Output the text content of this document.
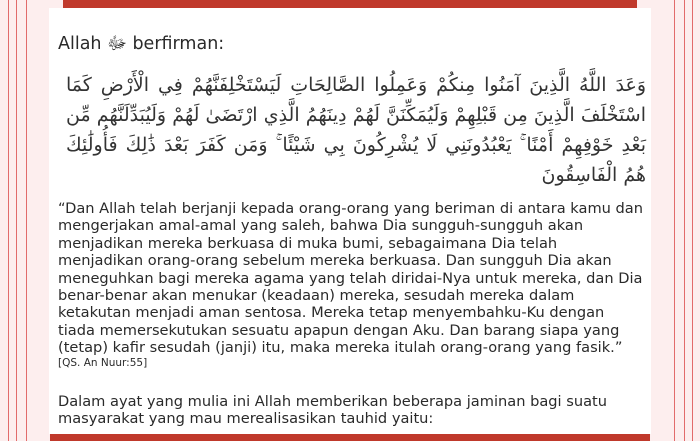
Allah ﷻ berfirman:
وَعَدَ اللَّهُ الَّذِينَ آمَنُوا مِنكُمْ وَعَمِلُوا الصَّالِحَاتِ لَيَسْتَخْلِفَنَّهُمْ فِي الْأَرْضِ كَمَا اسْتَخْلَفَ الَّذِينَ مِن قَبْلِهِمْ وَلَيُمَكِّنَنَّ لَهُمْ دِينَهُمُ الَّذِي ارْتَضَىٰ لَهُمْ وَلَيُبَدِّلَنَّهُم مِّن بَعْدِ خَوْفِهِمْ أَمْنًا ۚ يَعْبُدُونَنِي لَا يُشْرِكُونَ بِي شَيْئًا ۚ وَمَن كَفَرَ بَعْدَ ذَٰلِكَ فَأُولَٰئِكَ هُمُ الْفَاسِقُونَ
“Dan Allah telah berjanji kepada orang-orang yang beriman di antara kamu dan mengerjakan amal-amal yang saleh, bahwa Dia sungguh-sungguh akan menjadikan mereka berkuasa di muka bumi, sebagaimana Dia telah menjadikan orang-orang sebelum mereka berkuasa. Dan sungguh Dia akan meneguhkan bagi mereka agama yang telah diridai-Nya untuk mereka, dan Dia benar-benar akan menukar (keadaan) mereka, sesudah mereka dalam ketakutan menjadi aman sentosa. Mereka tetap menyembahku-Ku dengan tiada memersekutukan sesuatu apapun dengan Aku. Dan barang siapa yang (tetap) kafir sesudah (janji) itu, maka mereka itulah orang-orang yang fasik.”
[QS. An Nuur:55]
Dalam ayat yang mulia ini Allah memberikan beberapa jaminan bagi suatu masyarakat yang mau merealisasikan tauhid yaitu:
